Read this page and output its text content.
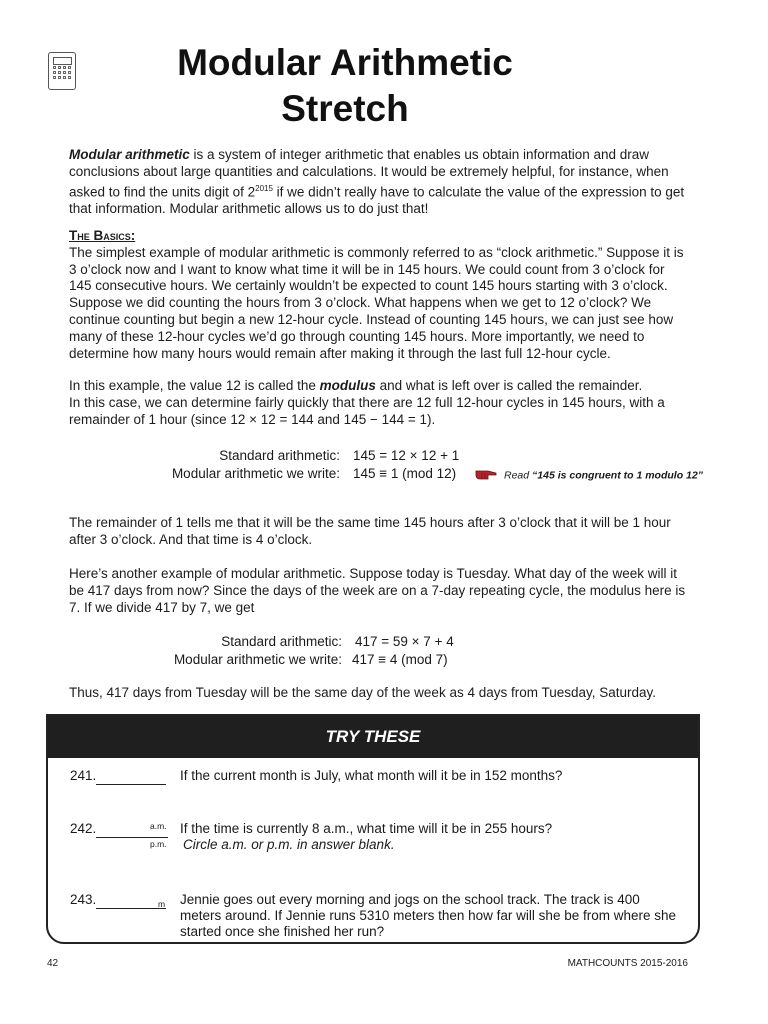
Modular Arithmetic
Stretch
Modular arithmetic is a system of integer arithmetic that enables us obtain information and draw conclusions about large quantities and calculations. It would be extremely helpful, for instance, when asked to find the units digit of $2^{2015}$ if we didn’t really have to calculate the value of the expression to get that information. Modular arithmetic allows us to do just that!
The Basics:
The simplest example of modular arithmetic is commonly referred to as “clock arithmetic.” Suppose it is 3 o’clock now and I want to know what time it will be in 145 hours. We could count from 3 o’clock for 145 consecutive hours. We certainly wouldn’t be expected to count 145 hours starting with 3 o’clock. Suppose we did counting the hours from 3 o’clock. What happens when we get to 12 o’clock? We continue counting but begin a new 12-hour cycle. Instead of counting 145 hours, we can just see how many of these 12-hour cycles we’d go through counting 145 hours. More importantly, we need to determine how many hours would remain after making it through the last full 12-hour cycle.
In this example, the value 12 is called the modulus and what is left over is called the remainder.
In this case, we can determine fairly quickly that there are 12 full 12-hour cycles in 145 hours, with a remainder of 1 hour (since 12 × 12 = 144 and 145 − 144 = 1).
Standard arithmetic: 145 = 12 × 12 + 1
Modular arithmetic we write: 145 ≡ 1 (mod 12)	Read “145 is congruent to 1 modulo 12”
The remainder of 1 tells me that it will be the same time 145 hours after 3 o’clock that it will be 1 hour after 3 o’clock. And that time is 4 o’clock.
Here’s another example of modular arithmetic. Suppose today is Tuesday. What day of the week will it be 417 days from now? Since the days of the week are on a 7-day repeating cycle, the modulus here is 7. If we divide 417 by 7, we get
Standard arithmetic: 417 = 59 × 7 + 4
Modular arithmetic we write: 417 ≡ 4 (mod 7)
Thus, 417 days from Tuesday will be the same day of the week as 4 days from Tuesday, Saturday.
TRY THESE
241.	If the current month is July, what month will it be in 152 months?
242.	a.m.
p.m.
If the time is currently 8 a.m., what time will it be in 255 hours?
Circle a.m. or p.m. in answer blank.
243.	m Jennie goes out every morning and jogs on the school track. The track is 400 meters around. If Jennie runs 5310 meters then how far will she be from where she started once she finished her run?
42	MATHCOUNTS 2015-2016
